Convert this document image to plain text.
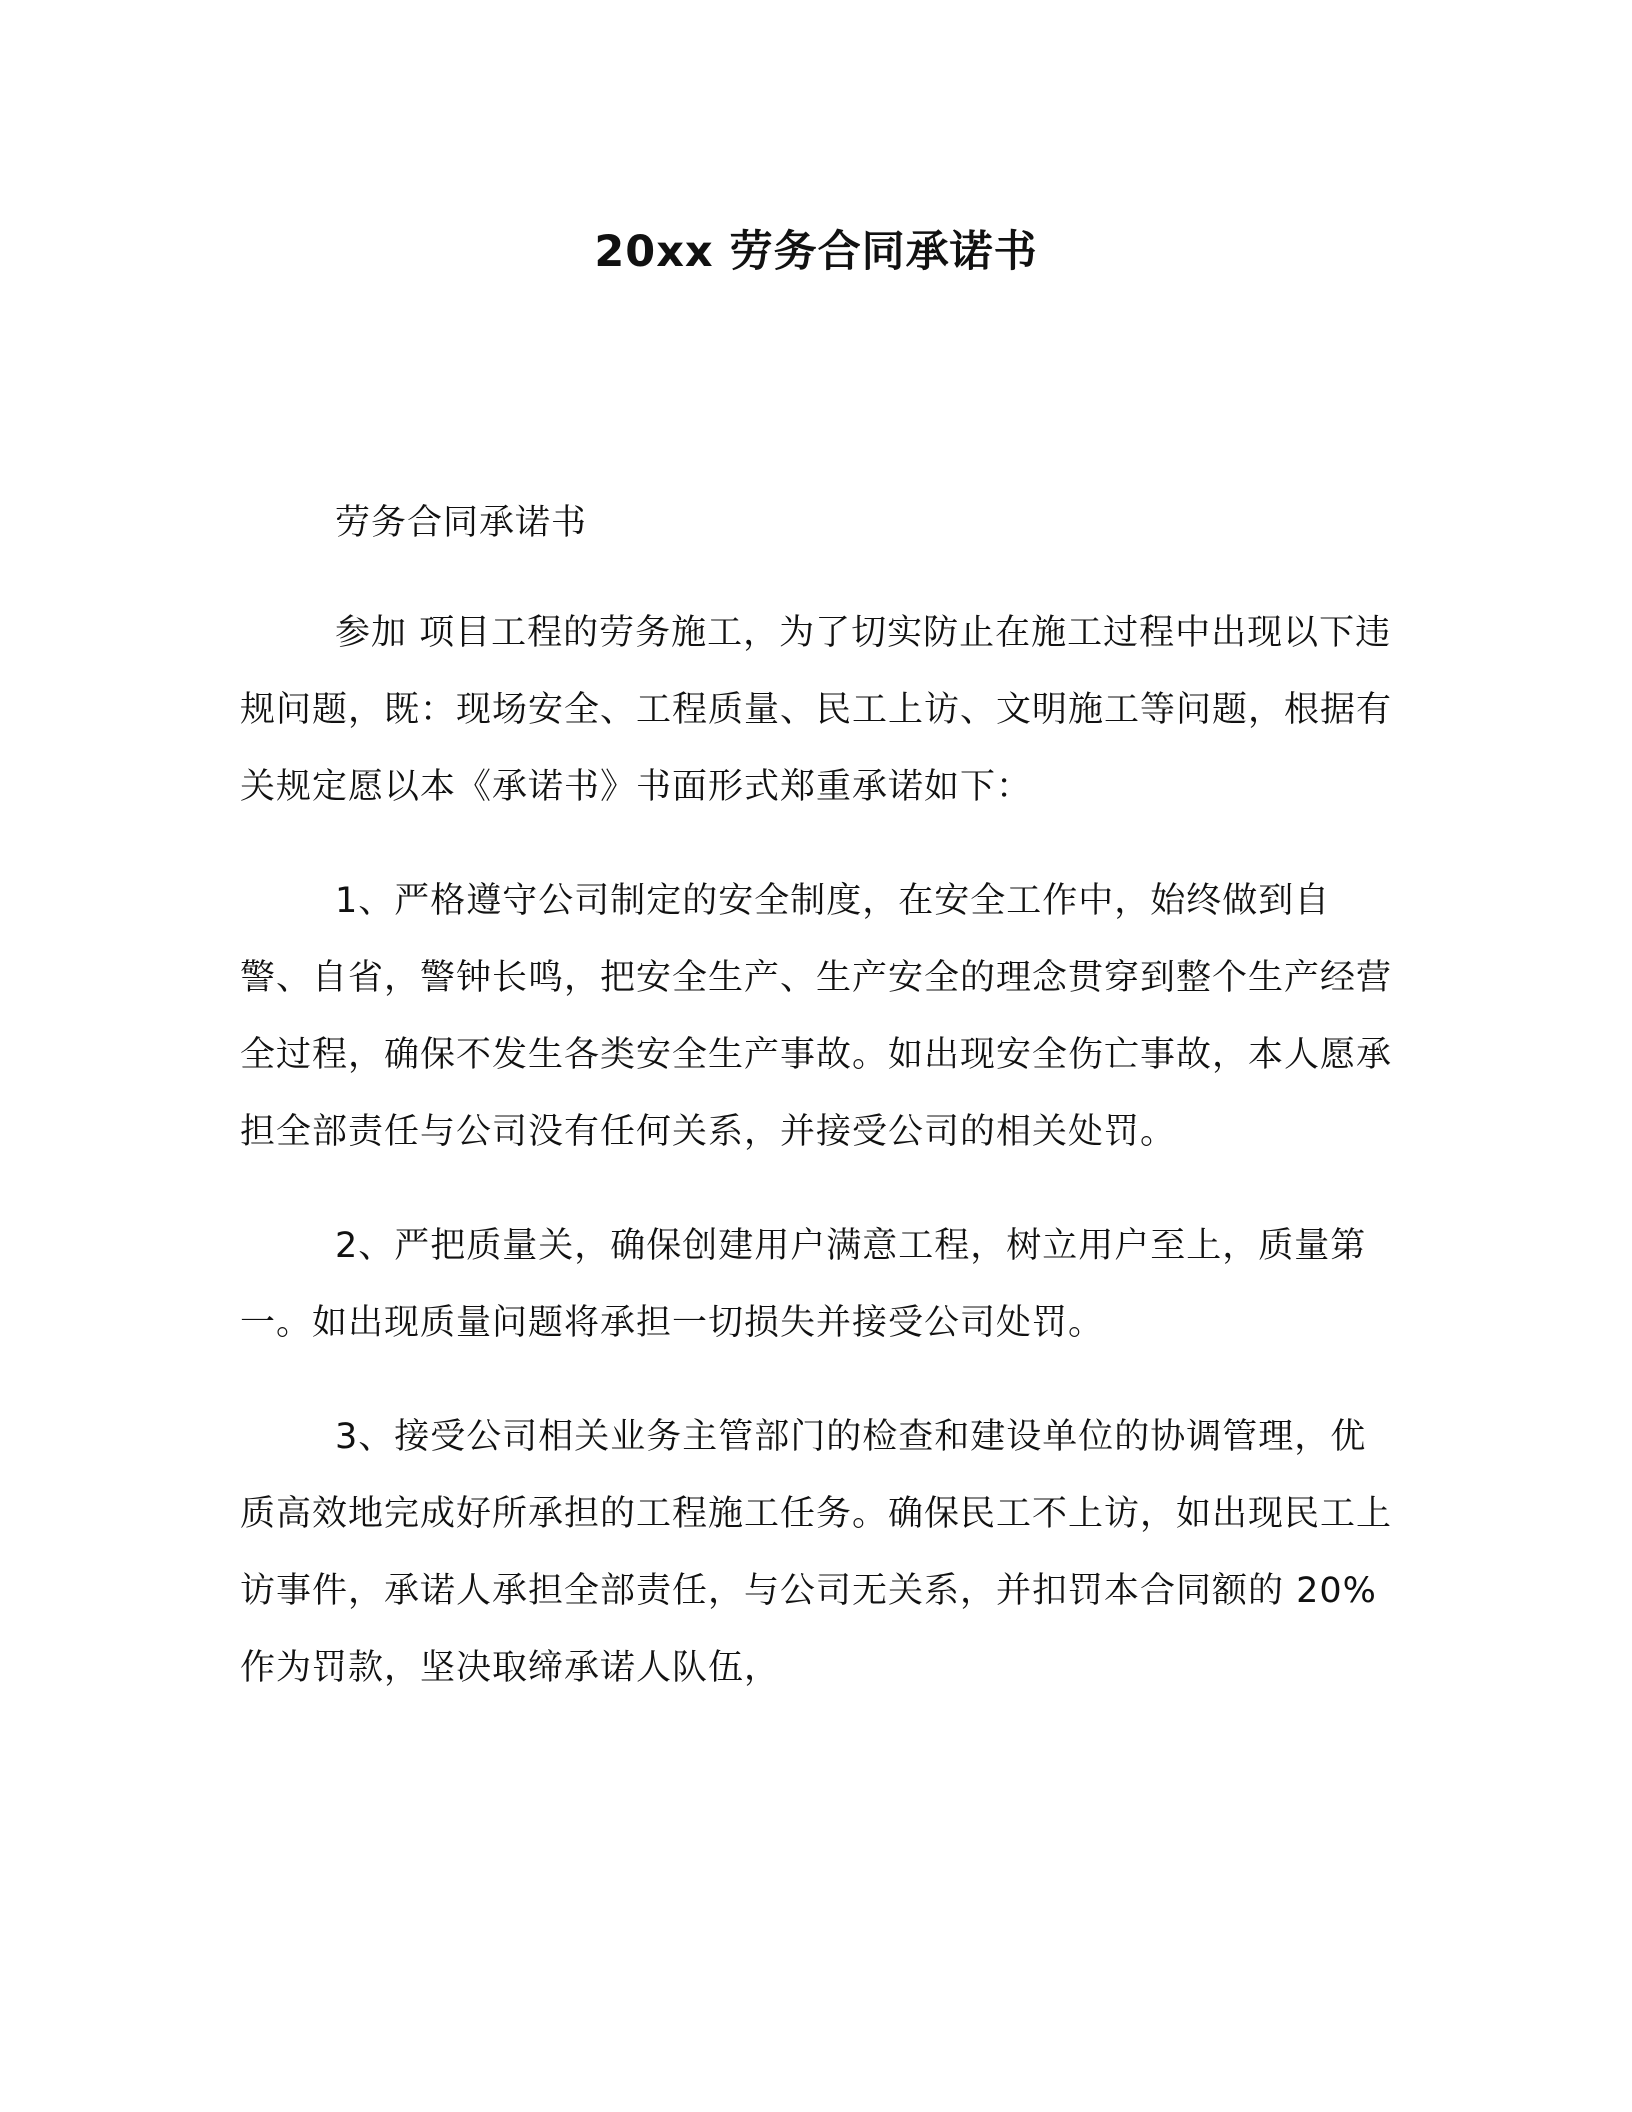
20xx 劳务合同承诺书

劳务合同承诺书

参加 项目工程的劳务施工，为了切实防止在施工过程中出现以下违规问题，既：现场安全、工程质量、民工上访、文明施工等问题，根据有关规定愿以本《承诺书》书面形式郑重承诺如下：

1、严格遵守公司制定的安全制度，在安全工作中，始终做到自警、自省，警钟长鸣，把安全生产、生产安全的理念贯穿到整个生产经营全过程，确保不发生各类安全生产事故。如出现安全伤亡事故，本人愿承担全部责任与公司没有任何关系，并接受公司的相关处罚。

2、严把质量关，确保创建用户满意工程，树立用户至上，质量第一。如出现质量问题将承担一切损失并接受公司处罚。

3、接受公司相关业务主管部门的检查和建设单位的协调管理，优质高效地完成好所承担的工程施工任务。确保民工不上访，如出现民工上访事件，承诺人承担全部责任，与公司无关系，并扣罚本合同额的 20%作为罚款，坚决取缔承诺人队伍，
